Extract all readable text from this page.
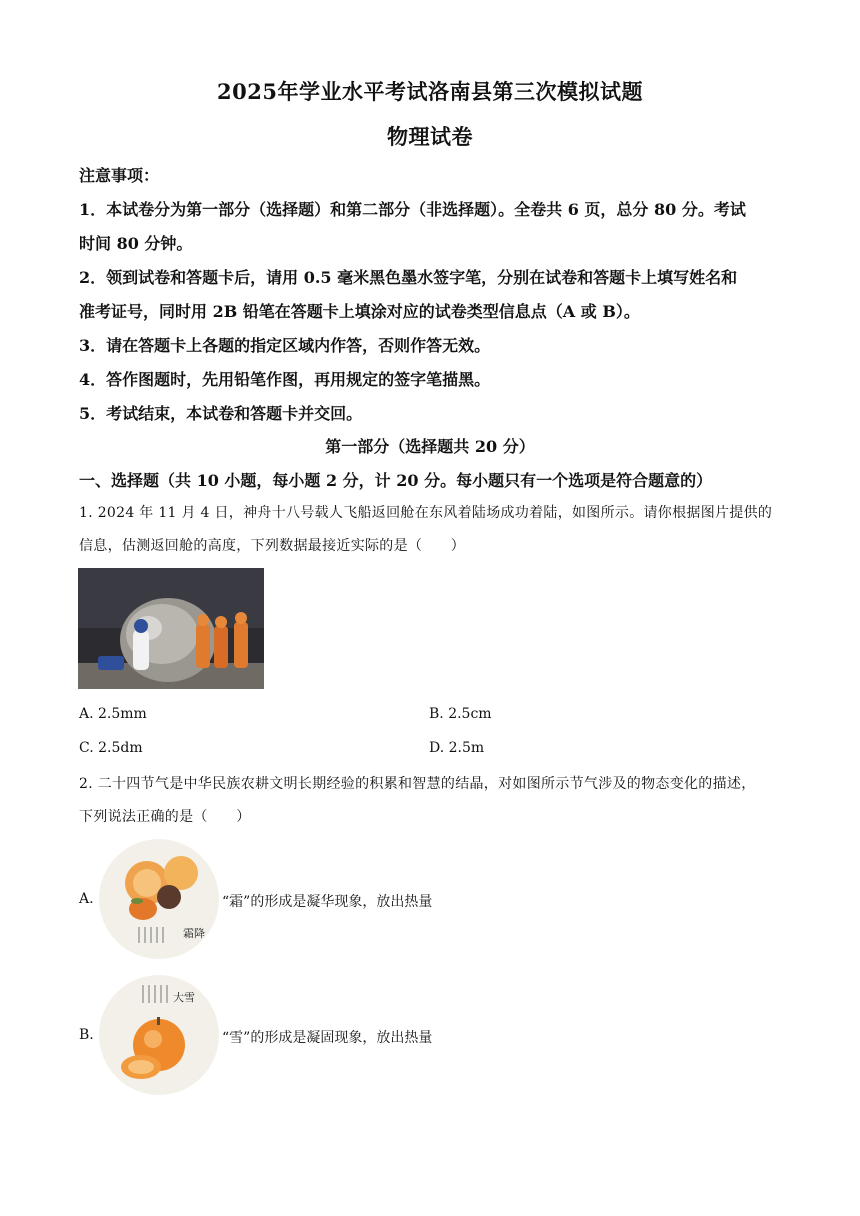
2025年学业水平考试洛南县第三次模拟试题
物理试卷
注意事项：
1．本试卷分为第一部分（选择题）和第二部分（非选择题）。全卷共 6 页，总分 80 分。考试
时间 80 分钟。
2．领到试卷和答题卡后，请用 0.5 毫米黑色墨水签字笔，分别在试卷和答题卡上填写姓名和
准考证号，同时用 2B 铅笔在答题卡上填涂对应的试卷类型信息点（A 或 B）。
3．请在答题卡上各题的指定区域内作答，否则作答无效。
4．答作图题时，先用铅笔作图，再用规定的签字笔描黑。
5．考试结束，本试卷和答题卡并交回。
第一部分（选择题共 20 分）
一、选择题（共 10 小题，每小题 2 分，计 20 分。每小题只有一个选项是符合题意的）
1. 2024 年 11 月 4 日，神舟十八号载人飞船返回舱在东风着陆场成功着陆，如图所示。请你根据图片提供的
信息，估测返回舱的高度，下列数据最接近实际的是（　　）
A. 2.5mm	B. 2.5cm
C. 2.5dm	D. 2.5m
2. 二十四节气是中华民族农耕文明长期经验的积累和智慧的结晶，对如图所示节气涉及的物态变化的描述，
下列说法正确的是（　　）
A.
霜降
“霜”的形成是凝华现象，放出热量
B.
大雪
“雪”的形成是凝固现象，放出热量
